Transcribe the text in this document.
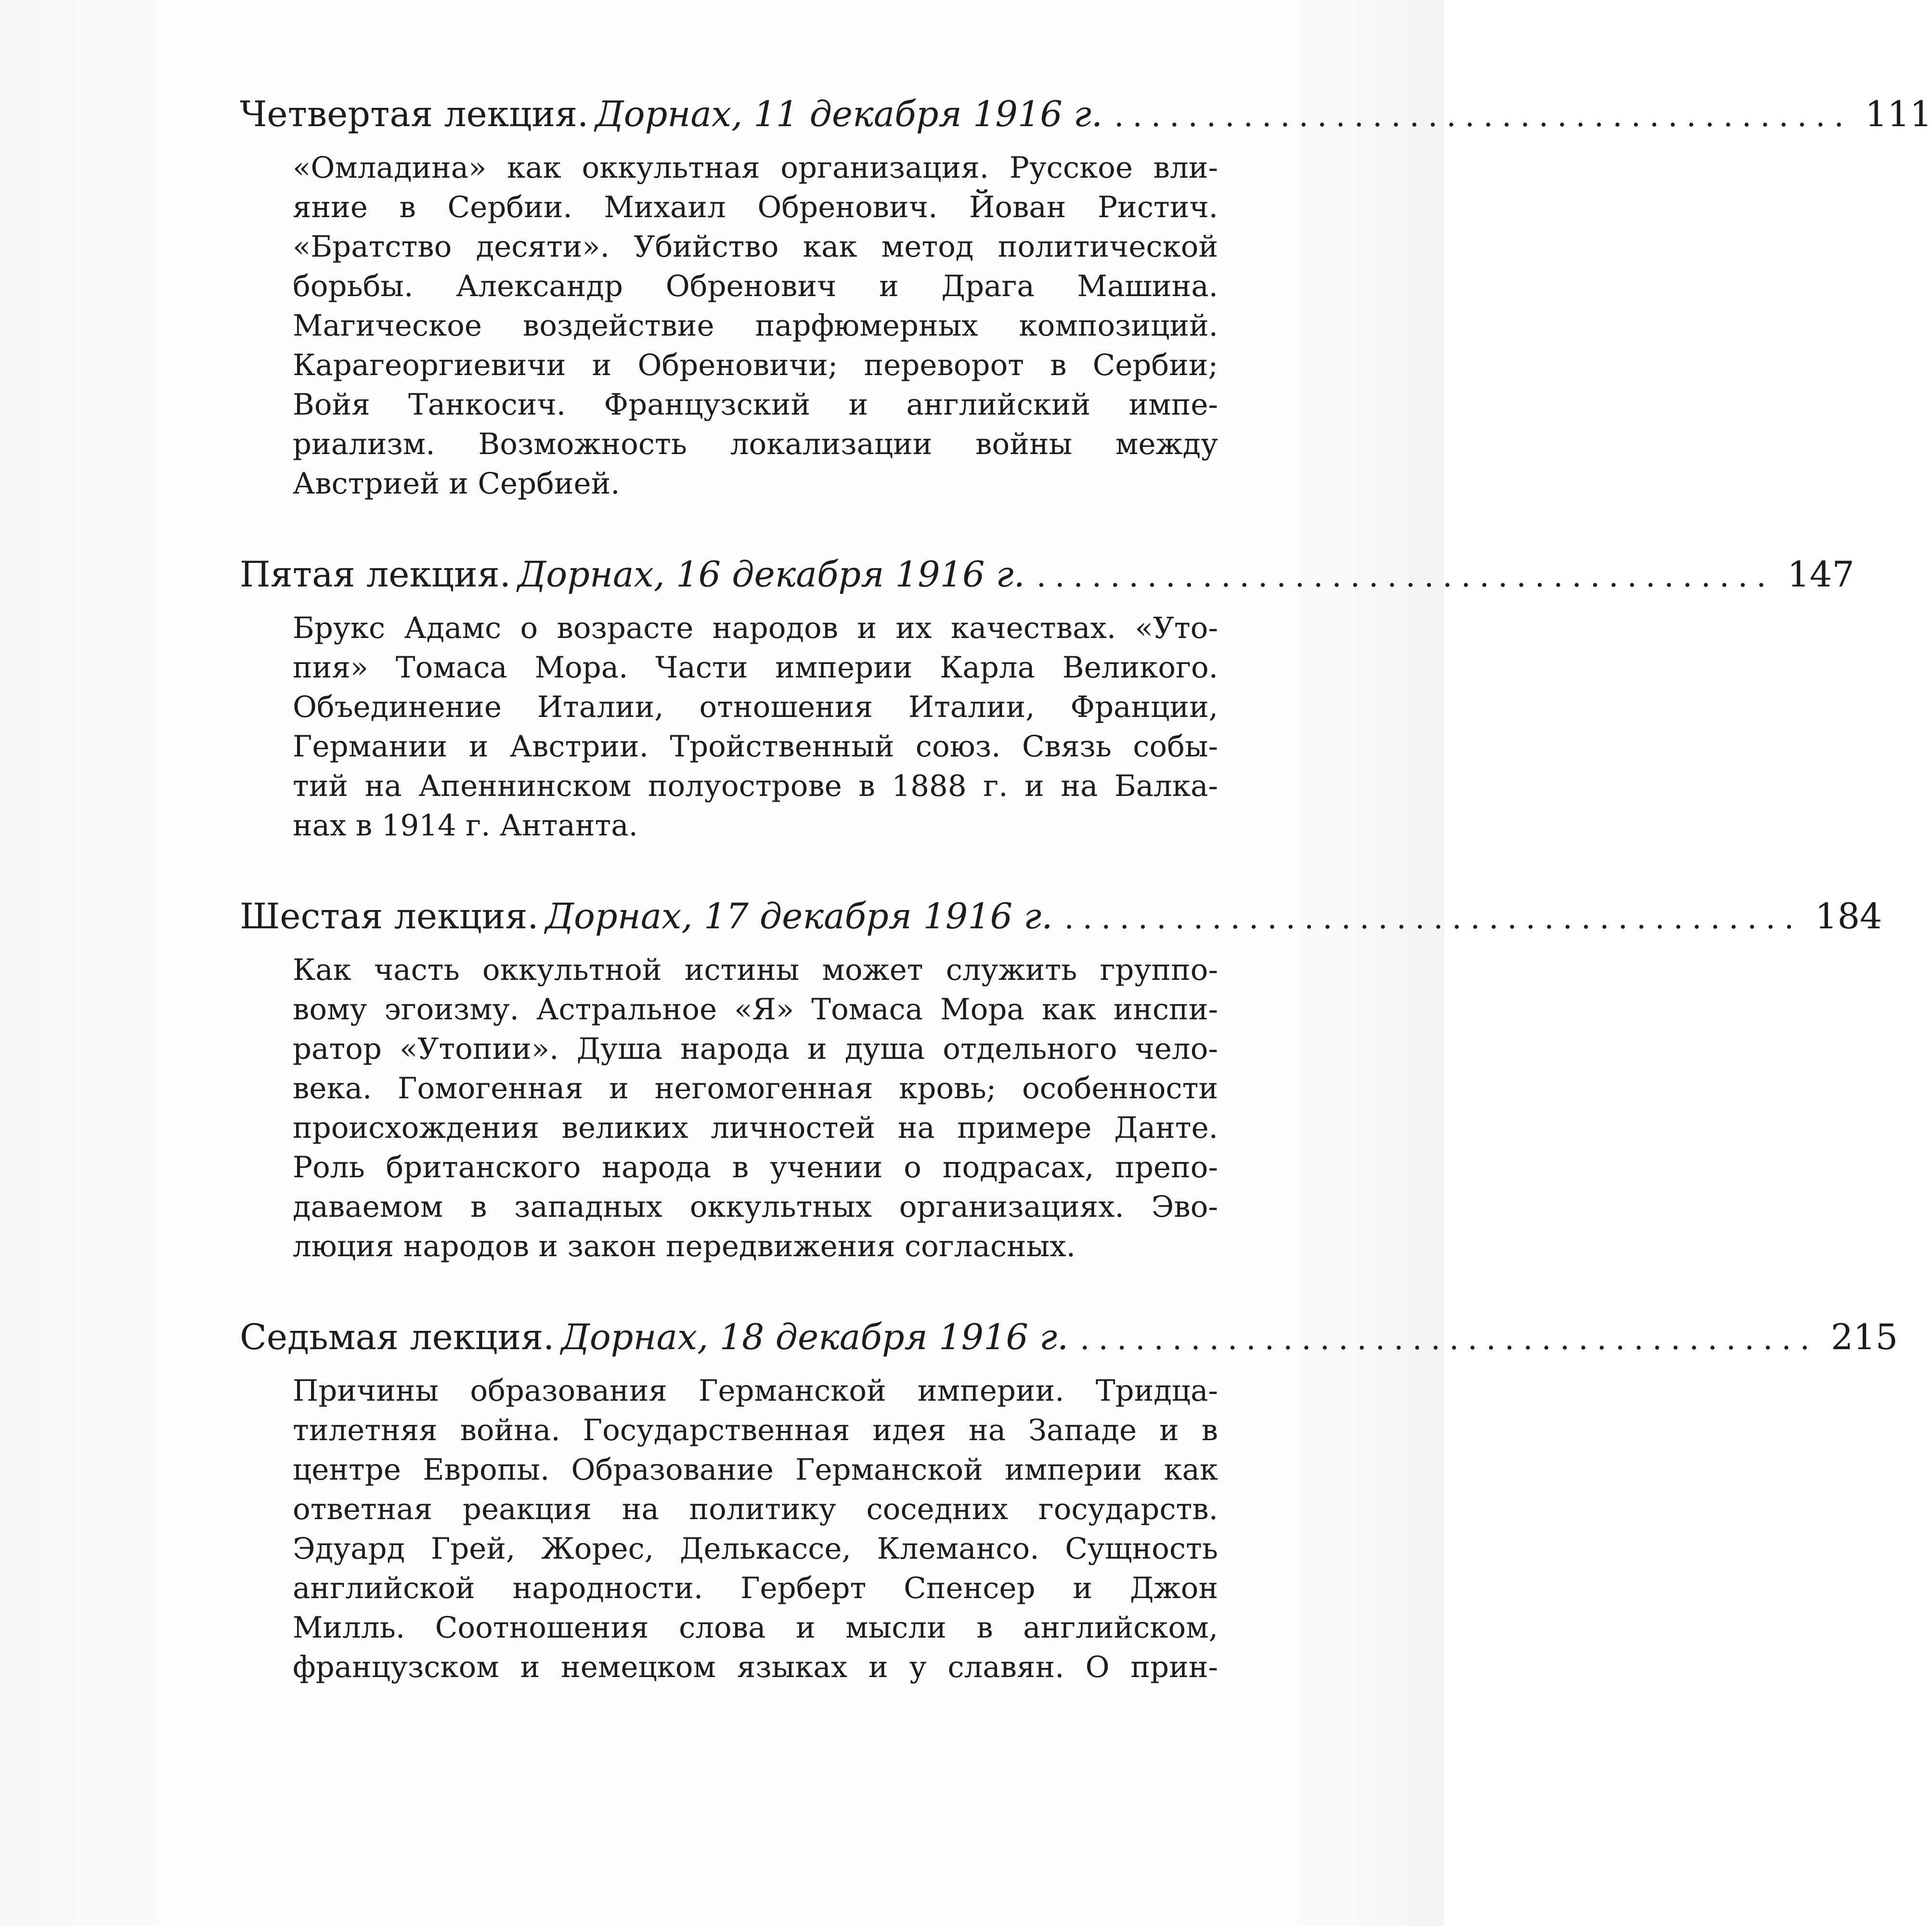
Четвертая лекция. Дорнах, 11 декабря 1916 г. ........................................ 111
«Омладина» как оккультная организация. Русское вли-
яние в Сербии. Михаил Обренович. Йован Ристич.
«Братство десяти». Убийство как метод политической
борьбы. Александр Обренович и Драга Машина.
Магическое воздействие парфюмерных композиций.
Карагеоргиевичи и Обреновичи; переворот в Сербии;
Войя Танкосич. Французский и английский импе-
риализм. Возможность локализации войны между
Австрией и Сербией.
Пятая лекция. Дорнах, 16 декабря 1916 г. ........................................ 147
Брукс Адамс о возрасте народов и их качествах. «Уто-
пия» Томаса Мора. Части империи Карла Великого.
Объединение Италии, отношения Италии, Франции,
Германии и Австрии. Тройственный союз. Связь собы-
тий на Апеннинском полуострове в 1888 г. и на Балка-
нах в 1914 г. Антанта.
Шестая лекция. Дорнах, 17 декабря 1916 г. ........................................ 184
Как часть оккультной истины может служить группо-
вому эгоизму. Астральное «Я» Томаса Мора как инспи-
ратор «Утопии». Душа народа и душа отдельного чело-
века. Гомогенная и негомогенная кровь; особенности
происхождения великих личностей на примере Данте.
Роль британского народа в учении о подрасах, препо-
даваемом в западных оккультных организациях. Эво-
люция народов и закон передвижения согласных.
Седьмая лекция. Дорнах, 18 декабря 1916 г. ........................................ 215
Причины образования Германской империи. Тридца-
тилетняя война. Государственная идея на Западе и в
центре Европы. Образование Германской империи как
ответная реакция на политику соседних государств.
Эдуард Грей, Жорес, Делькассе, Клемансо. Сущность
английской народности. Герберт Спенсер и Джон
Милль. Соотношения слова и мысли в английском,
французском и немецком языках и у славян. О прин-
